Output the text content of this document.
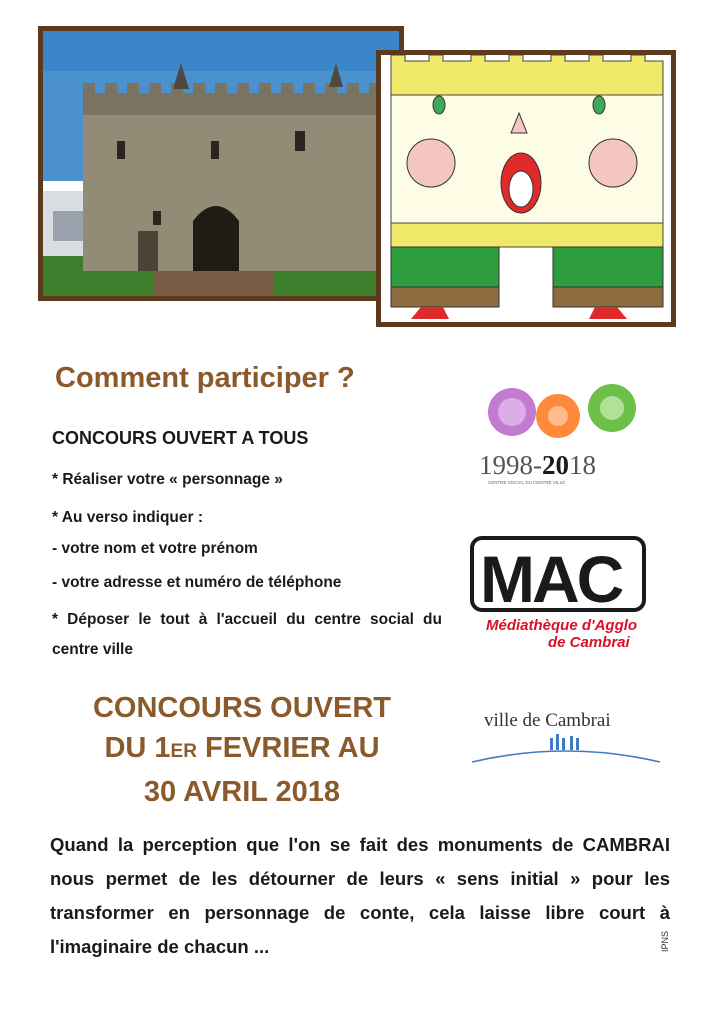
Comment participer ?

CONCOURS OUVERT A TOUS

* Réaliser votre « personnage »

* Au verso indiquer :

- votre nom et votre prénom

- votre adresse et numéro de téléphone

* Déposer le tout à l'accueil du centre social du centre ville

CONCOURS OUVERT
DU 1ER FEVRIER AU
30 AVRIL 2018

Quand la perception que l'on se fait des monuments de CAMBRAI nous permet de les détourner de leurs « sens initial » pour les transformer en personnage de conte, cela laisse libre court à l'imaginaire de chacun ...	IPNS
1998-2018
CENTRE SOCIAL DU CENTRE VILLE
MAC
Médiathèque d'Agglo
de Cambrai
ville de Cambrai
